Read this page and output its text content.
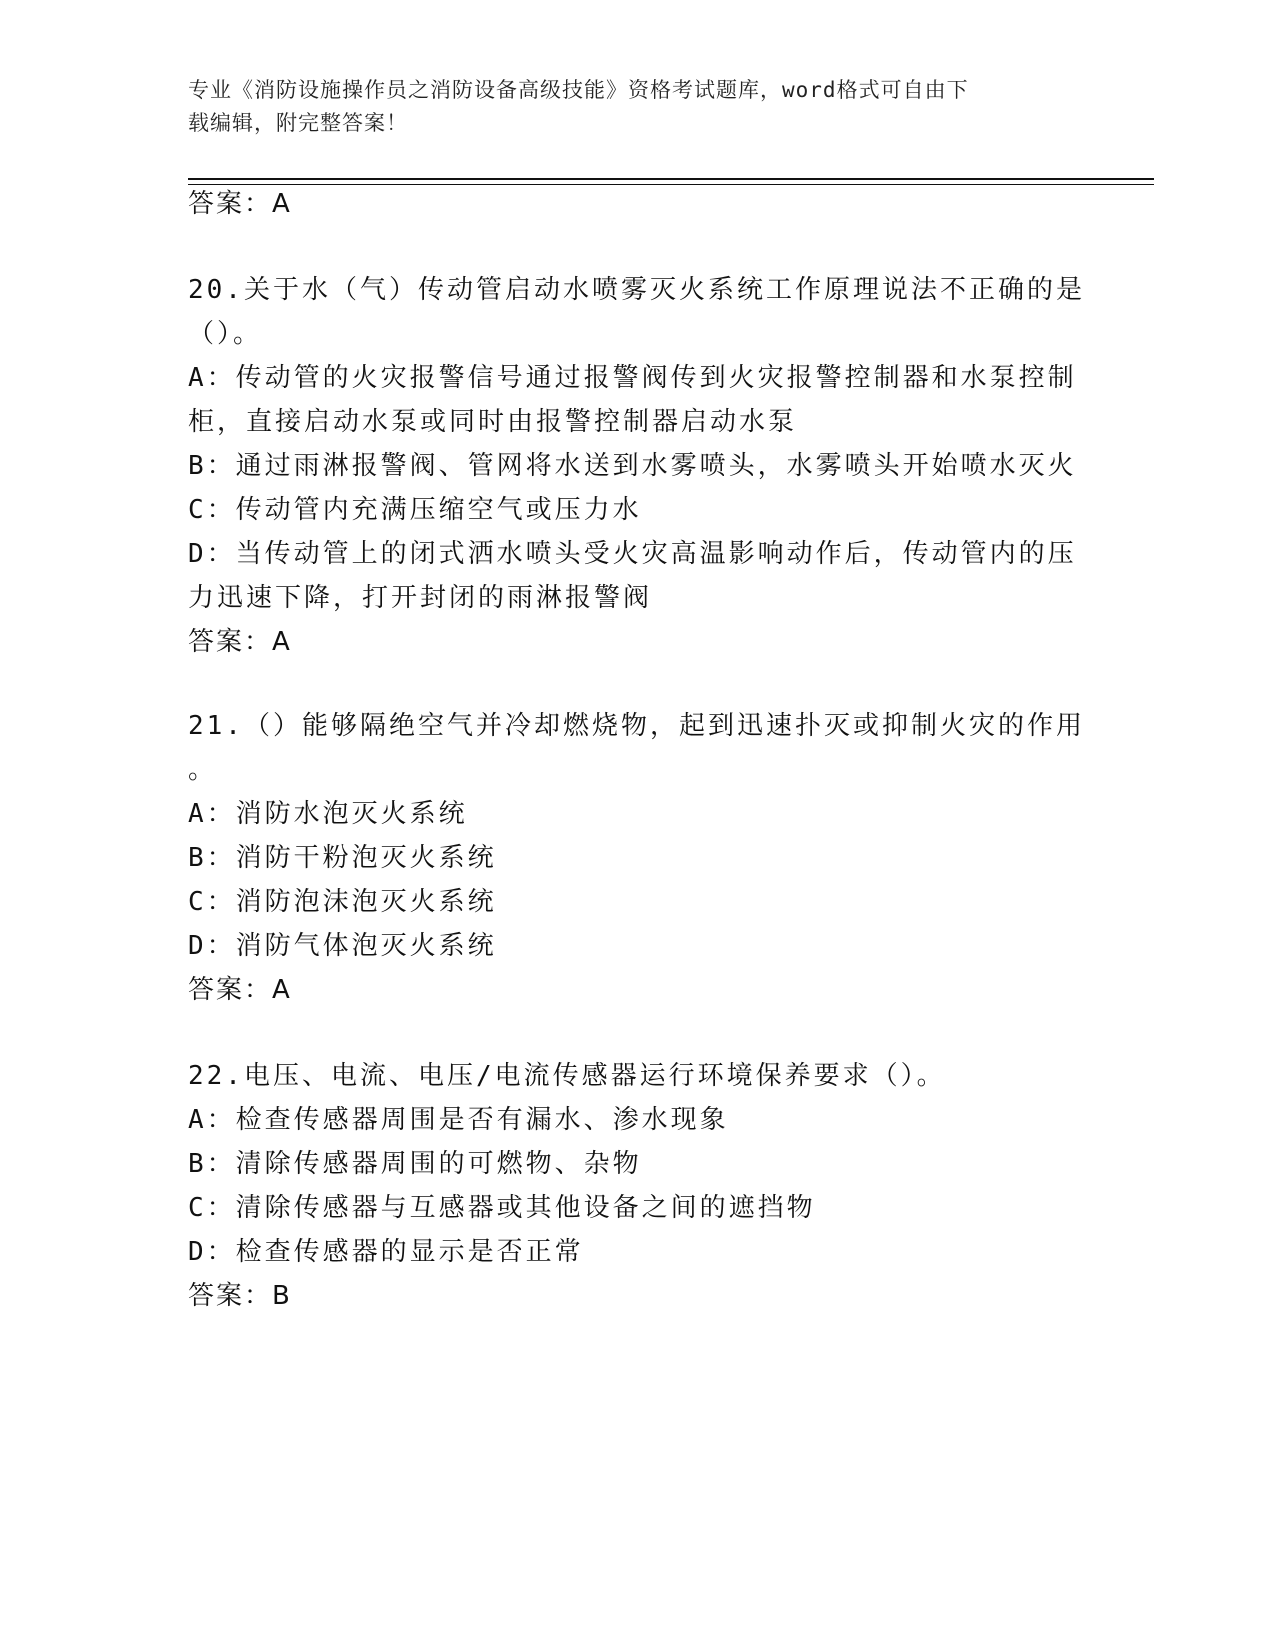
专业《消防设施操作员之消防设备高级技能》资格考试题库，word格式可自由下
载编辑，附完整答案！
答案：A
20.关于水（气）传动管启动水喷雾灭火系统工作原理说法不正确的是
（）。
A：传动管的火灾报警信号通过报警阀传到火灾报警控制器和水泵控制
柜，直接启动水泵或同时由报警控制器启动水泵
B：通过雨淋报警阀、管网将水送到水雾喷头，水雾喷头开始喷水灭火
C：传动管内充满压缩空气或压力水
D：当传动管上的闭式洒水喷头受火灾高温影响动作后，传动管内的压
力迅速下降，打开封闭的雨淋报警阀
答案：A
21.（）能够隔绝空气并冷却燃烧物，起到迅速扑灭或抑制火灾的作用
。
A：消防水泡灭火系统
B：消防干粉泡灭火系统
C：消防泡沫泡灭火系统
D：消防气体泡灭火系统
答案：A
22.电压、电流、电压/电流传感器运行环境保养要求（）。
A：检查传感器周围是否有漏水、渗水现象
B：清除传感器周围的可燃物、杂物
C：清除传感器与互感器或其他设备之间的遮挡物
D：检查传感器的显示是否正常
答案：B
